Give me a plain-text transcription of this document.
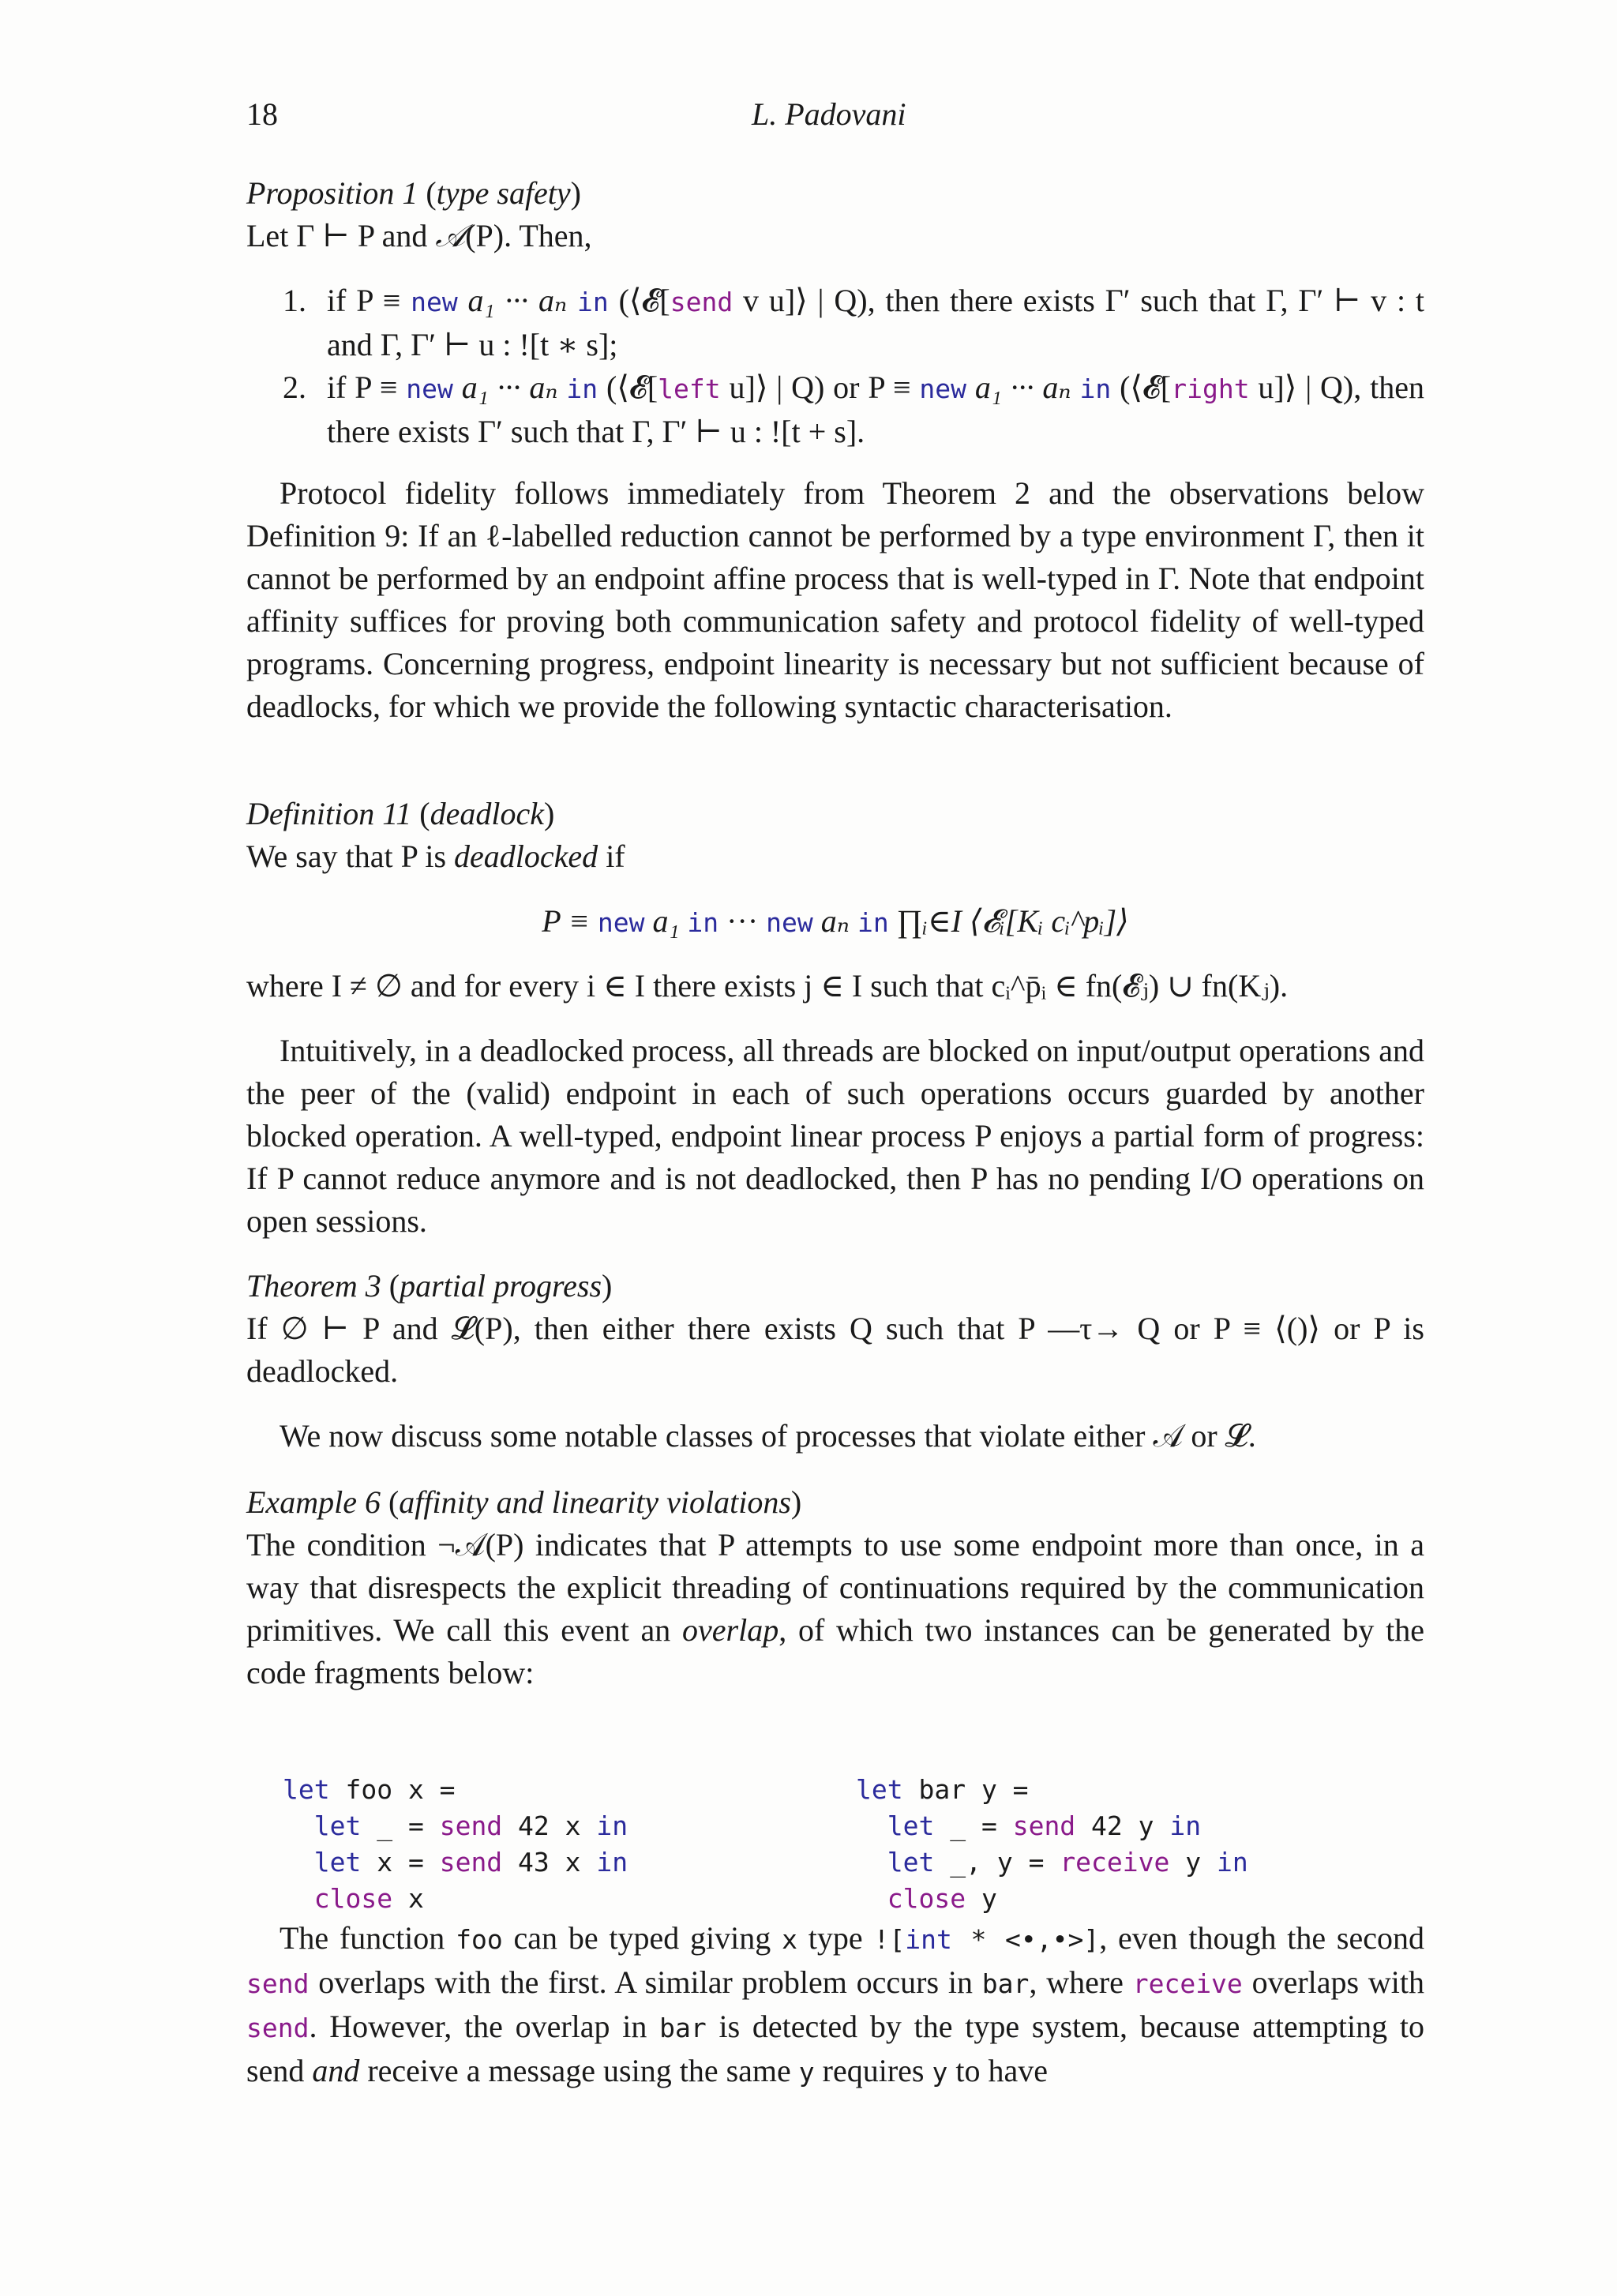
18	L. Padovani

Proposition 1 (type safety)

Let Γ ⊢ P and 𝒜(P). Then,

1. if P ≡ new a₁ ··· aₙ in (⟨𝓔[send v u]⟩ | Q), then there exists Γ′ such that Γ, Γ′ ⊢ v : t and Γ, Γ′ ⊢ u : ![t ∗ s];
2. if P ≡ new a₁ ··· aₙ in (⟨𝓔[left u]⟩ | Q) or P ≡ new a₁ ··· aₙ in (⟨𝓔[right u]⟩ | Q), then there exists Γ′ such that Γ, Γ′ ⊢ u : ![t + s].

Protocol fidelity follows immediately from Theorem 2 and the observations below Definition 9: If an ℓ-labelled reduction cannot be performed by a type environment Γ, then it cannot be performed by an endpoint affine process that is well-typed in Γ. Note that endpoint affinity suffices for proving both communication safety and protocol fidelity of well-typed programs. Concerning progress, endpoint linearity is necessary but not sufficient because of deadlocks, for which we provide the following syntactic characterisation.

Definition 11 (deadlock)

We say that P is deadlocked if

P ≡ new a₁ in ··· new aₙ in ∏ᵢ∈I ⟨𝓔ᵢ[Kᵢ cᵢ^pᵢ]⟩

where I ≠ ∅ and for every i ∈ I there exists j ∈ I such that cᵢ^p̄ᵢ ∈ fn(𝓔ⱼ) ∪ fn(Kⱼ).

Intuitively, in a deadlocked process, all threads are blocked on input/output operations and the peer of the (valid) endpoint in each of such operations occurs guarded by another blocked operation. A well-typed, endpoint linear process P enjoys a partial form of progress: If P cannot reduce anymore and is not deadlocked, then P has no pending I/O operations on open sessions.

Theorem 3 (partial progress)

If ∅ ⊢ P and 𝓛(P), then either there exists Q such that P —τ→ Q or P ≡ ⟨()⟩ or P is deadlocked.

We now discuss some notable classes of processes that violate either 𝒜 or 𝓛.

Example 6 (affinity and linearity violations)

The condition ¬𝒜(P) indicates that P attempts to use some endpoint more than once, in a way that disrespects the explicit threading of continuations required by the communication primitives. We call this event an overlap, of which two instances can be generated by the code fragments below:

let foo x =
let _ = send 42 x in
let x = send 43 x in
close x

let bar y =
let _ = send 42 y in
let _, y = receive y in
close y

The function foo can be typed giving x type ![int * <•,•>], even though the second send overlaps with the first. A similar problem occurs in bar, where receive overlaps with send. However, the overlap in bar is detected by the type system, because attempting to send and receive a message using the same y requires y to have
